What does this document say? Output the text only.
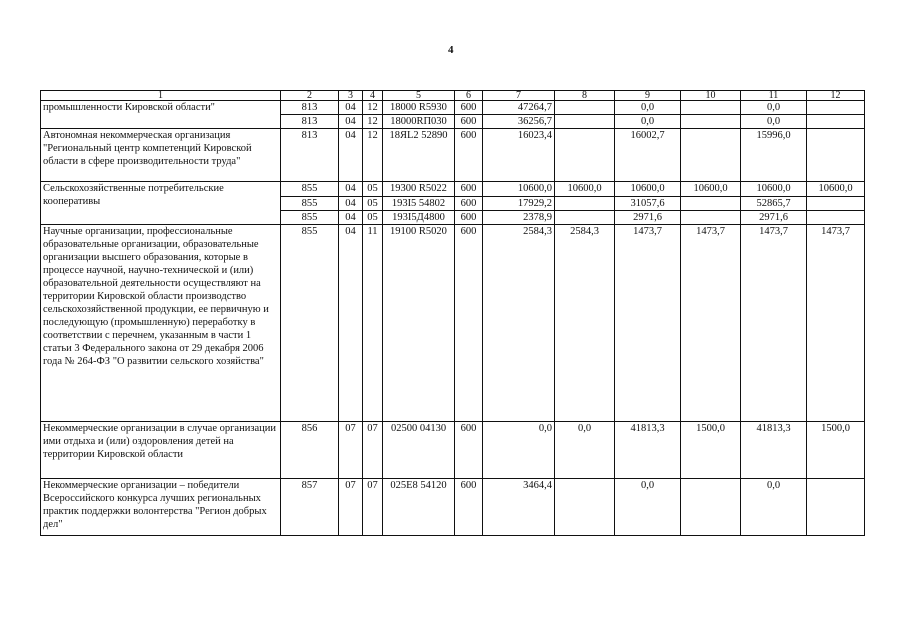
4
1	2	3	4	5	6	7	8	9	10	11	12
промышленности Кировской области"	813	04	12	18000 R5930	600	47264,7		0,0		0,0	
	813	04	12	18000RП030	600	36256,7		0,0		0,0	
Автономная некоммерческая организация "Региональный центр компетенций Кировской области в сфере производительности труда"	813	04	12	18ЯL2 52890	600	16023,4		16002,7		15996,0	
Сельскохозяйственные потребительские кооперативы	855	04	05	19300 R5022	600	10600,0	10600,0	10600,0	10600,0	10600,0	10600,0
	855	04	05	193I5 54802	600	17929,2		31057,6		52865,7	
	855	04	05	193I5Д4800	600	2378,9		2971,6		2971,6	
Научные организации, профессиональные образовательные организации, образовательные организации высшего образования, которые в процессе научной, научно-технической и (или) образовательной деятельности осуществляют на территории Кировской области производство сельскохозяйственной продукции, ее первичную и последующую (промышленную) переработку в соответствии с перечнем, указанным в части 1 статьи 3 Федерального закона от 29 декабря 2006 года № 264-ФЗ "О развитии сельского хозяйства"	855	04	11	19100 R5020	600	2584,3	2584,3	1473,7	1473,7	1473,7	1473,7
Некоммерческие организации в случае организации ими отдыха и (или) оздоровления детей на территории Кировской области	856	07	07	02500 04130	600	0,0	0,0	41813,3	1500,0	41813,3	1500,0
Некоммерческие организации – победители Всероссийского конкурса лучших региональных практик поддержки волонтерства "Регион добрых дел"	857	07	07	025E8 54120	600	3464,4		0,0		0,0	
